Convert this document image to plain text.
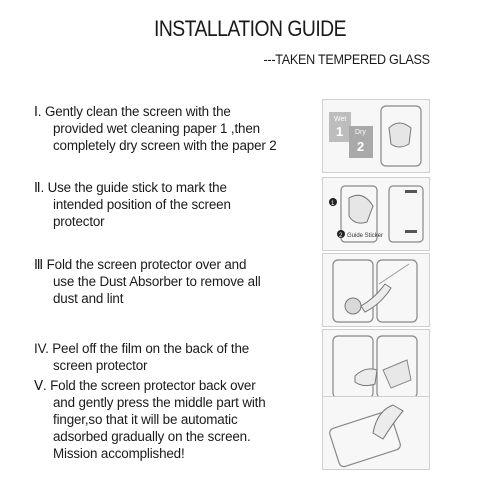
INSTALLATION GUIDE
---TAKEN TEMPERED GLASS
Ⅰ. Gently clean the screen with the
provided wet cleaning paper 1 ,then
completely dry screen with the paper 2
Wet
1 Dry
2
Ⅱ. Use the guide stick to mark the
intended position of the screen
protector
1
2 Guide Sticker
Ⅲ Fold the screen protector over and
use the Dust Absorber to remove all
dust and lint
IV. Peel off the film on the back of the
screen protector
Ⅴ. Fold the screen protector back over
and gently press the middle part with
finger,so that it will be automatic
adsorbed gradually on the screen.
Mission accomplished!
